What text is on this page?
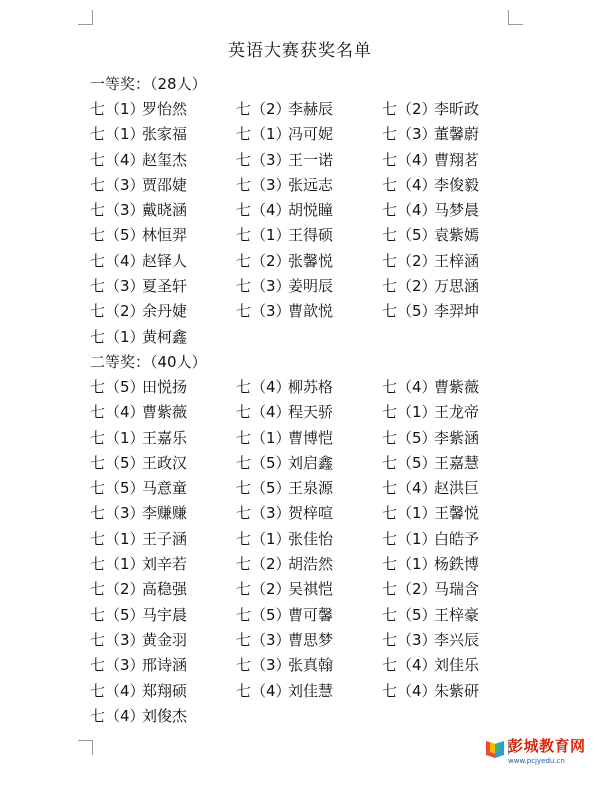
英语大赛获奖名单
一等奖：（28人）
七（1）罗怡然	七（2）李赫辰	七（2）李昕政
七（1）张家福	七（1）冯可妮	七（3）董馨蔚
七（4）赵玺杰	七（3）王一诺	七（4）曹翔茗
七（3）贾邵婕	七（3）张远志	七（4）李俊毅
七（3）戴晓涵	七（4）胡悦瞳	七（4）马梦晨
七（5）林恒羿	七（1）王得硕	七（5）袁紫嫣
七（4）赵铎人	七（2）张馨悦	七（2）王梓涵
七（3）夏圣轩	七（3）姜明辰	七（2）万思涵
七（2）余丹婕	七（3）曹歆悦	七（5）李羿坤
七（1）黄柯鑫
二等奖：（40人）
七（5）田悦扬	七（4）柳苏格	七（4）曹紫薇
七（4）曹紫薇	七（4）程天骄	七（1）王龙帝
七（1）王嘉乐	七（1）曹博恺	七（5）李紫涵
七（5）王政汉	七（5）刘启鑫	七（5）王嘉慧
七（5）马意童	七（5）王泉源	七（4）赵洪巨
七（3）李赚赚	七（3）贺梓喧	七（1）王馨悦
七（1）王子涵	七（1）张佳怡	七（1）白皓予
七（1）刘辛若	七（2）胡浩然	七（1）杨鉄博
七（2）高稳强	七（2）吴祺恺	七（2）马瑞含
七（5）马宇晨	七（5）曹可馨	七（5）王梓豪
七（3）黄金羽	七（3）曹思梦	七（3）李兴辰
七（3）邢诗涵	七（3）张真翰	七（4）刘佳乐
七（4）郑翔硕	七（4）刘佳慧	七（4）朱紫研
七（4）刘俊杰
彭城教育网
www.pcjyedu.cn
